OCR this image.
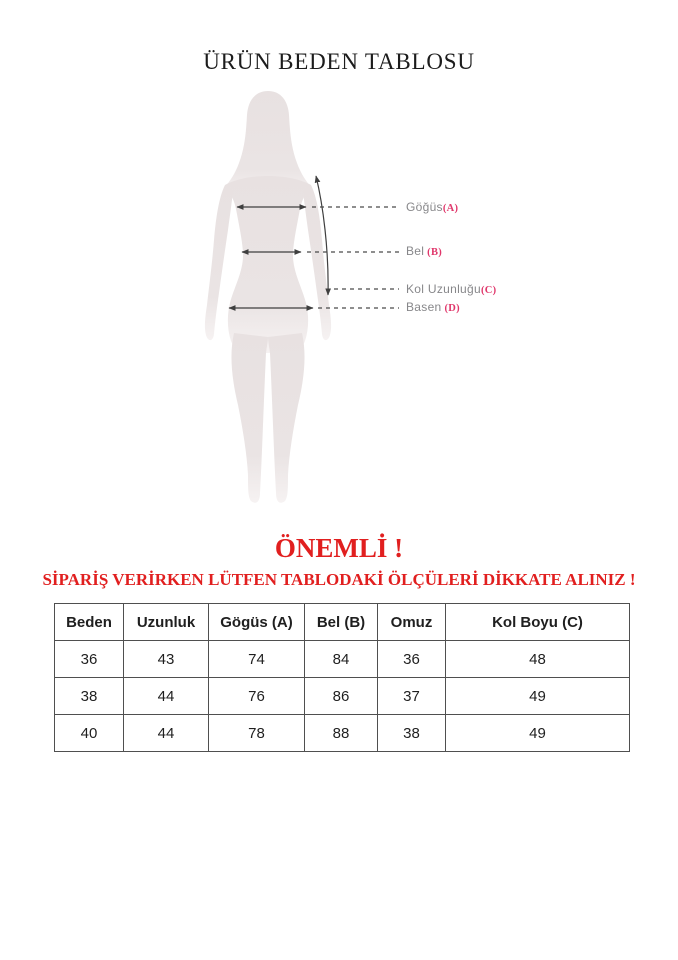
ÜRÜN BEDEN TABLOSU
Göğüs(A)
Bel (B)
Kol Uzunluğu(C)
Basen (D)
ÖNEMLİ !
SİPARİŞ VERİRKEN LÜTFEN TABLODAKİ ÖLÇÜLERİ DİKKATE ALINIZ !
Beden	Uzunluk	Gögüs (A)	Bel (B)	Omuz	Kol Boyu (C)
36	43	74	84	36	48
38	44	76	86	37	49
40	44	78	88	38	49
